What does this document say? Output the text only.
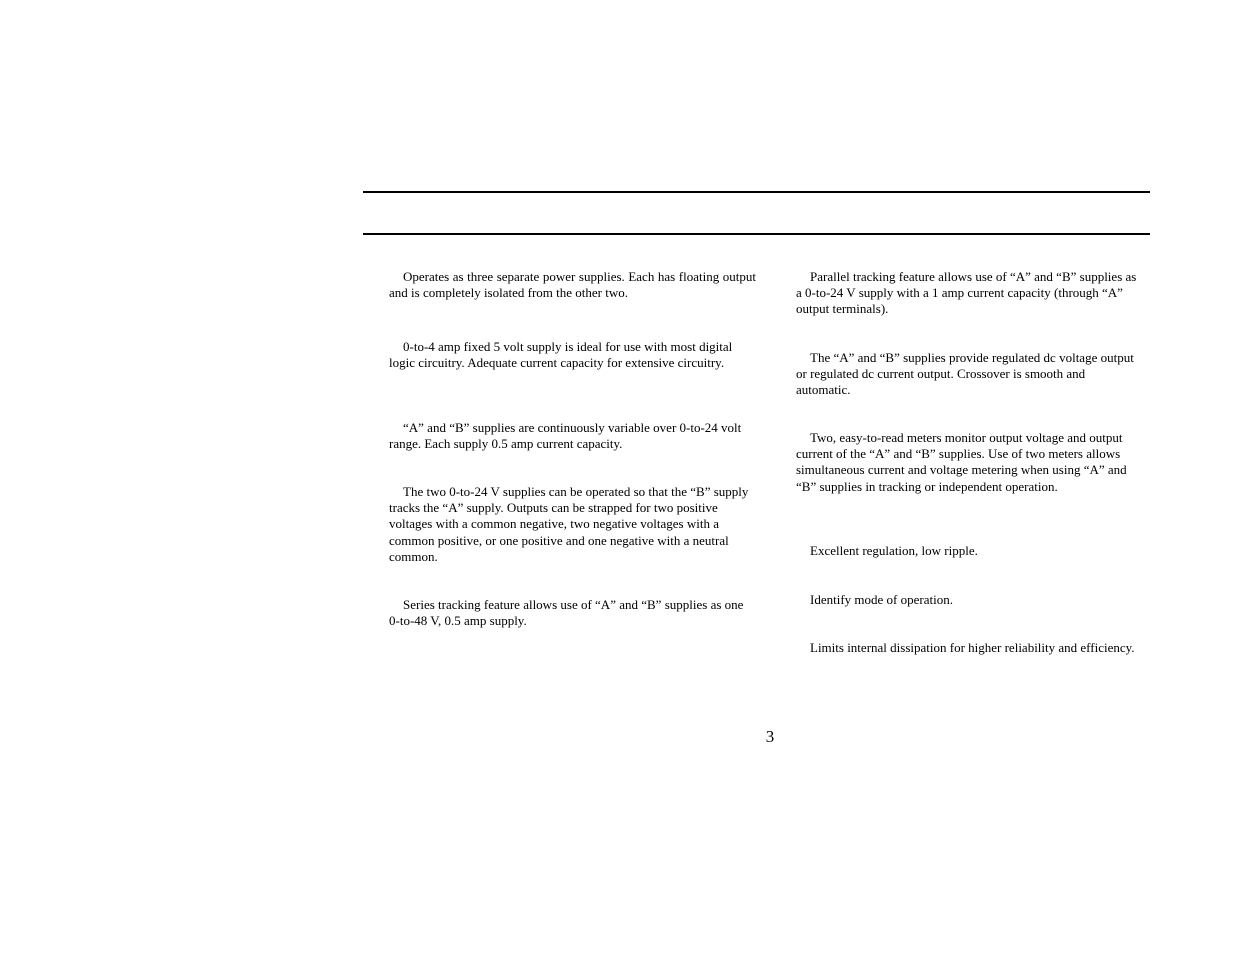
Operates as three separate power supplies. Each has floating output and is completely isolated from the other two.

0-to-4 amp fixed 5 volt supply is ideal for use with most digital logic circuitry. Adequate current capacity for extensive circuitry.

“A” and “B” supplies are continuously variable over 0-to-24 volt range. Each supply 0.5 amp current capacity.

The two 0-to-24 V supplies can be operated so that the “B” supply tracks the “A” supply. Outputs can be strapped for two positive voltages with a common negative, two negative voltages with a common positive, or one positive and one negative with a neutral common.

Series tracking feature allows use of “A” and “B” supplies as one 0-to-48 V, 0.5 amp supply.

Parallel tracking feature allows use of “A” and “B” supplies as a 0-to-24 V supply with a 1 amp current capacity (through “A” output terminals).

The “A” and “B” supplies provide regulated dc voltage output or regulated dc current output. Crossover is smooth and automatic.

Two, easy-to-read meters monitor output voltage and output current of the “A” and “B” supplies. Use of two meters allows simultaneous current and voltage metering when using “A” and “B” supplies in tracking or independent operation.

Excellent regulation, low ripple.

Identify mode of operation.

Limits internal dissipation for higher reliability and efficiency.

3
